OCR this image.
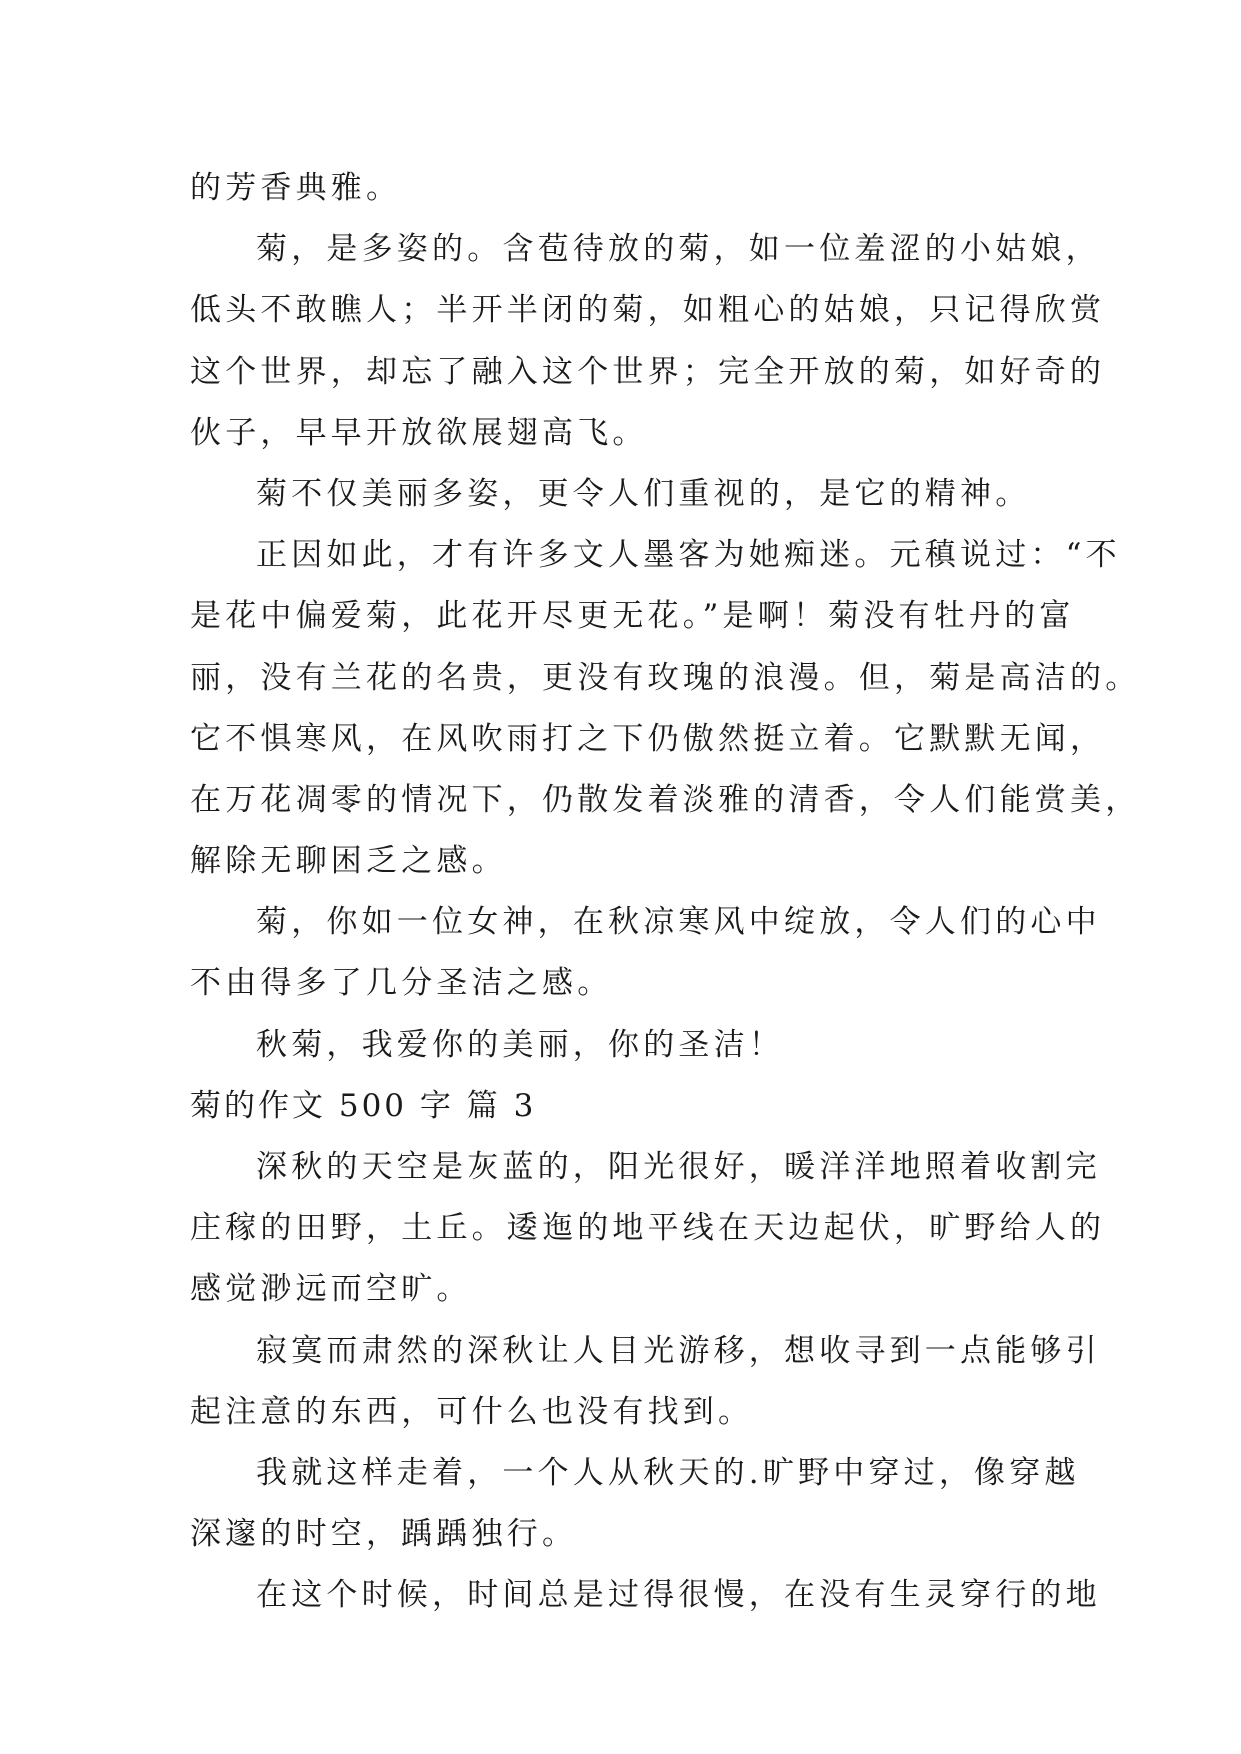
的芳香典雅。
菊，是多姿的。含苞待放的菊，如一位羞涩的小姑娘，
低头不敢瞧人；半开半闭的菊，如粗心的姑娘，只记得欣赏
这个世界，却忘了融入这个世界；完全开放的菊，如好奇的
伙子，早早开放欲展翅高飞。
菊不仅美丽多姿，更令人们重视的，是它的精神。
正因如此，才有许多文人墨客为她痴迷。元稹说过：“不
是花中偏爱菊，此花开尽更无花。”是啊！菊没有牡丹的富
丽，没有兰花的名贵，更没有玫瑰的浪漫。但，菊是高洁的。
它不惧寒风，在风吹雨打之下仍傲然挺立着。它默默无闻，
在万花凋零的情况下，仍散发着淡雅的清香，令人们能赏美，
解除无聊困乏之感。
菊，你如一位女神，在秋凉寒风中绽放，令人们的心中
不由得多了几分圣洁之感。
秋菊，我爱你的美丽，你的圣洁！
菊的作文 500 字 篇 3
深秋的天空是灰蓝的，阳光很好，暖洋洋地照着收割完
庄稼的田野，土丘。逶迤的地平线在天边起伏，旷野给人的
感觉渺远而空旷。
寂寞而肃然的深秋让人目光游移，想收寻到一点能够引
起注意的东西，可什么也没有找到。
我就这样走着，一个人从秋天的.旷野中穿过，像穿越
深邃的时空，踽踽独行。
在这个时候，时间总是过得很慢，在没有生灵穿行的地
